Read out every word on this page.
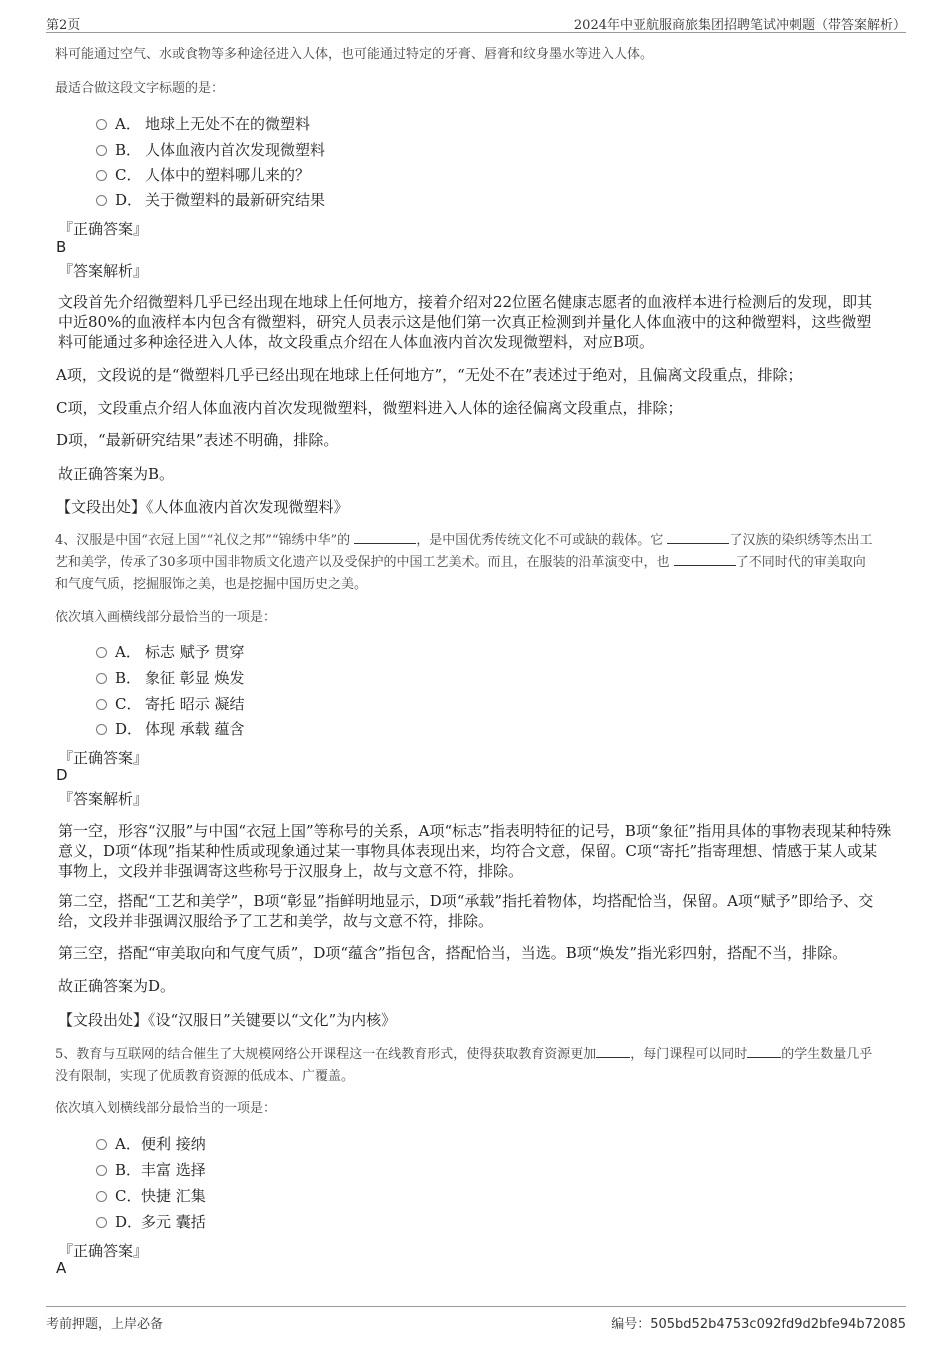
第2页	2024年中亚航服商旅集团招聘笔试冲刺题（带答案解析）
料可能通过空气、水或食物等多种途径进入人体，也可能通过特定的牙膏、唇膏和纹身墨水等进入人体。
最适合做这段文字标题的是：
A． 地球上无处不在的微塑料
B． 人体血液内首次发现微塑料
C． 人体中的塑料哪儿来的？
D． 关于微塑料的最新研究结果
『正确答案』
B
『答案解析』
文段首先介绍微塑料几乎已经出现在地球上任何地方，接着介绍对22位匿名健康志愿者的血液样本进行检测后的发现，即其
中近80%的血液样本内包含有微塑料，研究人员表示这是他们第一次真正检测到并量化人体血液中的这种微塑料，这些微塑
料可能通过多种途径进入人体，故文段重点介绍在人体血液内首次发现微塑料，对应B项。
A项，文段说的是“微塑料几乎已经出现在地球上任何地方”，“无处不在”表述过于绝对，且偏离文段重点，排除；
C项，文段重点介绍人体血液内首次发现微塑料，微塑料进入人体的途径偏离文段重点，排除；
D项，“最新研究结果”表述不明确，排除。
故正确答案为B。
【文段出处】《人体血液内首次发现微塑料》
4、汉服是中国“衣冠上国”“礼仪之邦”“锦绣中华”的	，是中国优秀传统文化不可或缺的载体。它	了汉族的染织绣等杰出工
艺和美学，传承了30多项中国非物质文化遗产以及受保护的中国工艺美术。而且，在服装的沿革演变中，也	了不同时代的审美取向
和气度气质，挖掘服饰之美，也是挖掘中国历史之美。
依次填入画横线部分最恰当的一项是：
A． 标志 赋予 贯穿
B． 象征 彰显 焕发
C． 寄托 昭示 凝结
D． 体现 承载 蕴含
『正确答案』
D
『答案解析』
第一空，形容“汉服”与中国“衣冠上国”等称号的关系，A项“标志”指表明特征的记号，B项“象征”指用具体的事物表现某种特殊
意义，D项“体现”指某种性质或现象通过某一事物具体表现出来，均符合文意，保留。C项“寄托”指寄理想、情感于某人或某
事物上，文段并非强调寄这些称号于汉服身上，故与文意不符，排除。
第二空，搭配“工艺和美学”，B项“彰显”指鲜明地显示，D项“承载”指托着物体，均搭配恰当，保留。A项“赋予”即给予、交
给，文段并非强调汉服给予了工艺和美学，故与文意不符，排除。
第三空，搭配“审美取向和气度气质”，D项“蕴含”指包含，搭配恰当，当选。B项“焕发”指光彩四射，搭配不当，排除。
故正确答案为D。
【文段出处】《设“汉服日”关键要以“文化”为内核》
5、教育与互联网的结合催生了大规模网络公开课程这一在线教育形式，使得获取教育资源更加	，每门课程可以同时	的学生数量几乎
没有限制，实现了优质教育资源的低成本、广覆盖。
依次填入划横线部分最恰当的一项是：
A．便利 接纳
B．丰富 选择
C．快捷 汇集
D．多元 囊括
『正确答案』
A
考前押题，上岸必备	编号：505bd52b4753c092fd9d2bfe94b72085
